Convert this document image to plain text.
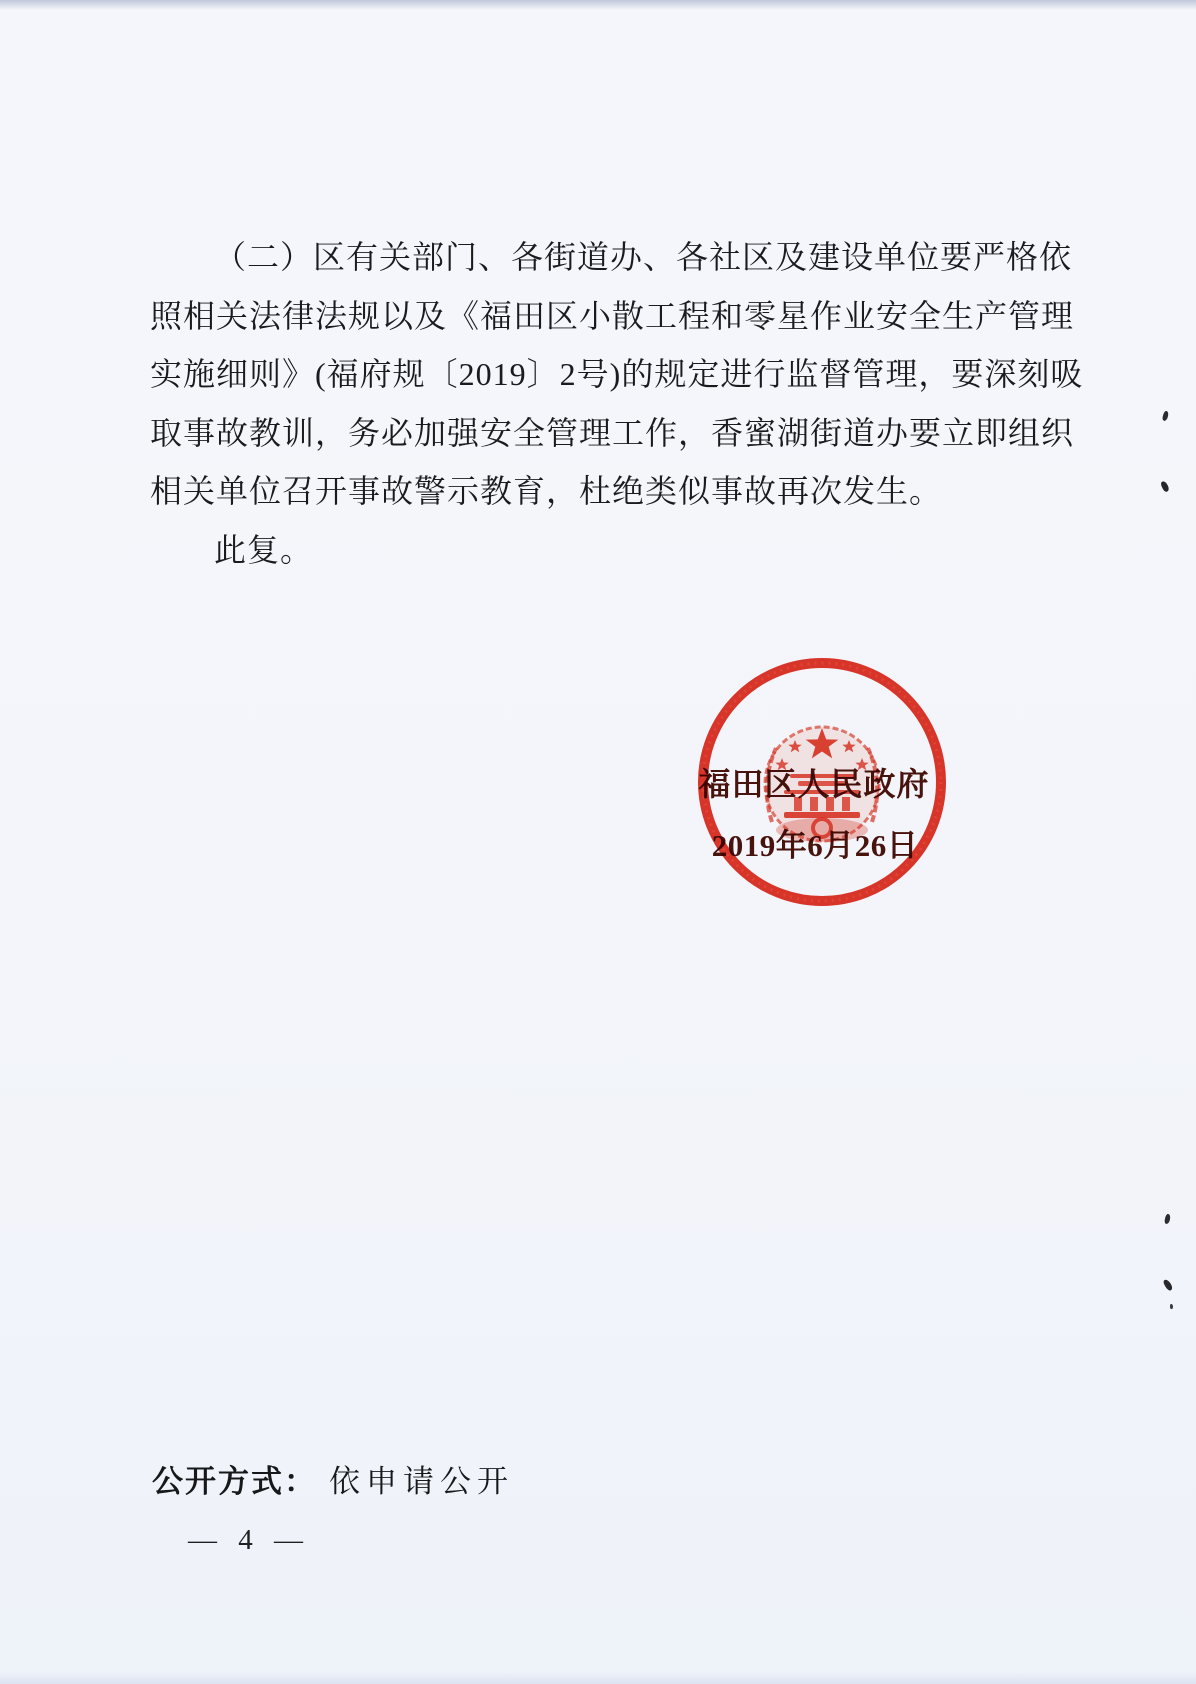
（二）区有关部门、各街道办、各社区及建设单位要严格依
照相关法律法规以及《福田区小散工程和零星作业安全生产管理
实施细则》(福府规〔2019〕2号)的规定进行监督管理，要深刻吸
取事故教训，务必加强安全管理工作，香蜜湖街道办要立即组织
相关单位召开事故警示教育，杜绝类似事故再次发生。
此复。
福田区人民政府
2019年6月26日
公开方式： 依申请公开
— 4 —
